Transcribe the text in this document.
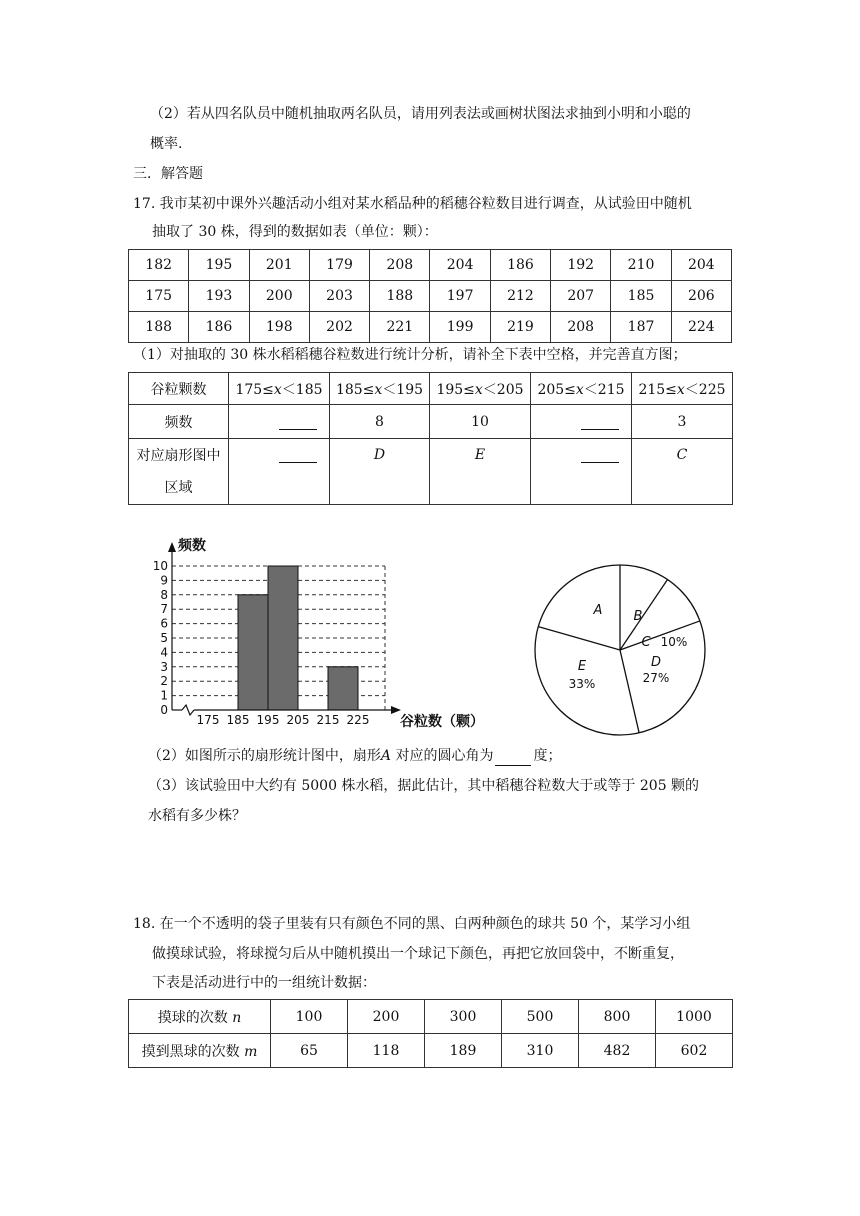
（2）若从四名队员中随机抽取两名队员，请用列表法或画树状图法求抽到小明和小聪的
概率.
三．解答题
17. 我市某初中课外兴趣活动小组对某水稻品种的稻穗谷粒数目进行调查，从试验田中随机
抽取了 30 株，得到的数据如表（单位：颗）：
182	195	201	179	208	204	186	192	210	204
175	193	200	203	188	197	212	207	185	206
188	186	198	202	221	199	219	208	187	224
（1）对抽取的 30 株水稻稻穗谷粒数进行统计分析，请补全下表中空格，并完善直方图；
谷粒颗数	175≤x＜185	185≤x＜195	195≤x＜205	205≤x＜215	215≤x＜225
频数		8	10		3

对应扇形图中
区域		D	E		C
0
1
2
3
4
5
6
7
8
9
10
175 185 195 205 215 225
频数
谷粒数（颗）
A B
C 10%
D
27%
E
33%
（2）如图所示的扇形统计图中，扇形A 对应的圆心角为	度；
（3）该试验田中大约有 5000 株水稻，据此估计，其中稻穗谷粒数大于或等于 205 颗的
水稻有多少株？
18. 在一个不透明的袋子里装有只有颜色不同的黑、白两种颜色的球共 50 个，某学习小组
做摸球试验，将球搅匀后从中随机摸出一个球记下颜色，再把它放回袋中，不断重复，
下表是活动进行中的一组统计数据：
摸球的次数 n	100	200	300	500	800	1000
摸到黑球的次数 m	65	118	189	310	482	602
